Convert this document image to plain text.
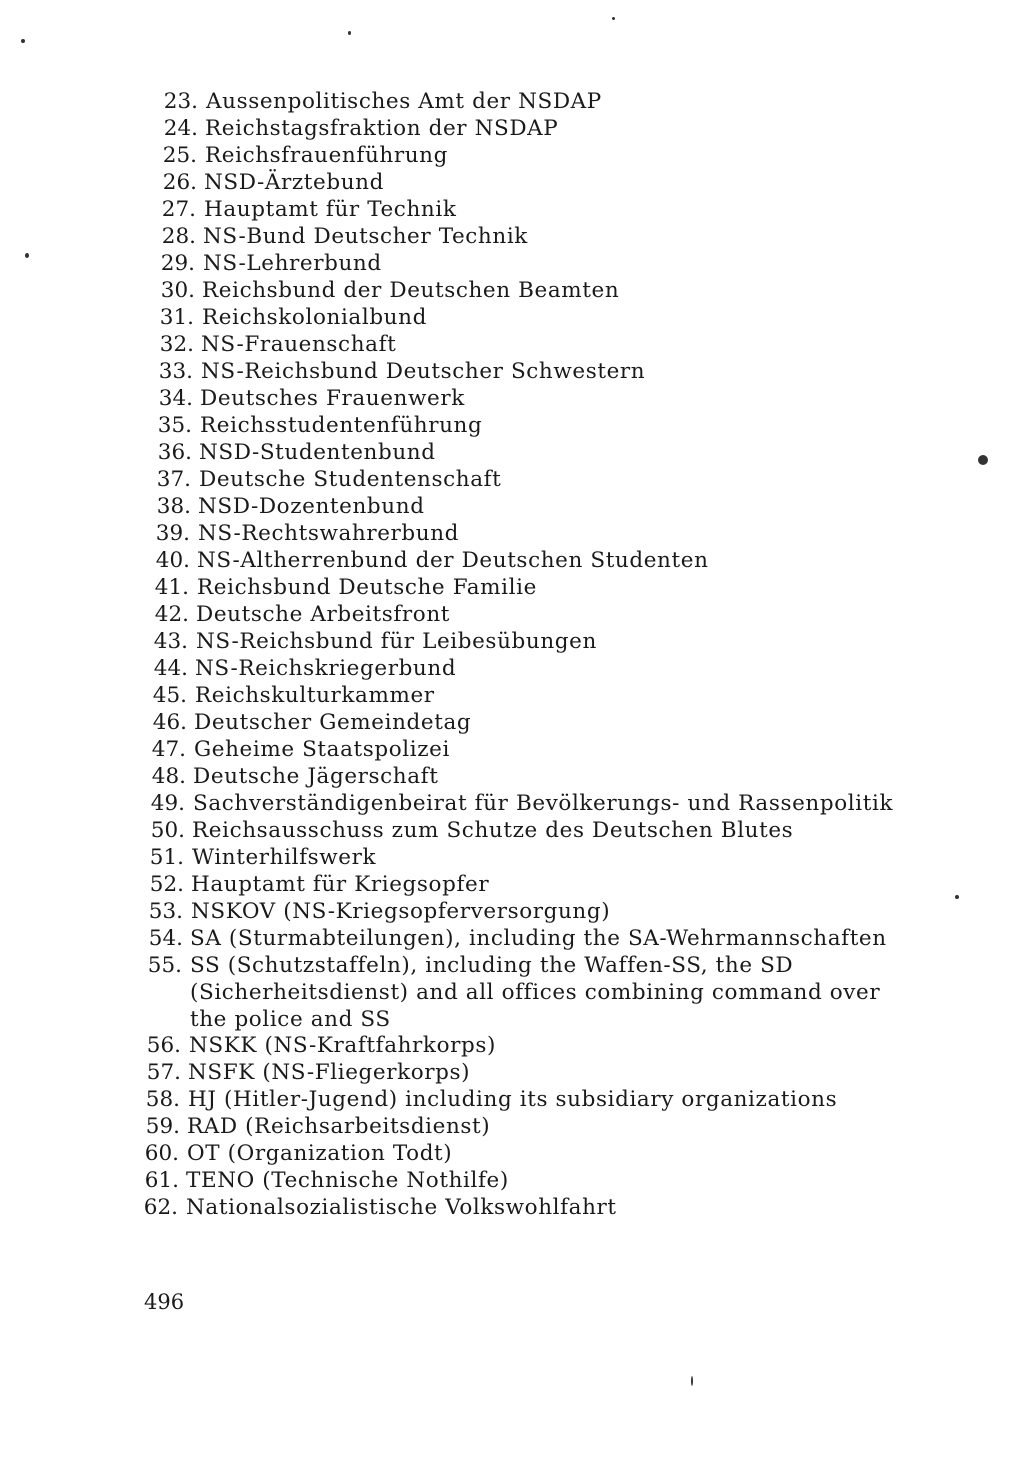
23. Aussenpolitisches Amt der NSDAP
24. Reichstagsfraktion der NSDAP
25. Reichsfrauenführung
26. NSD-Ärztebund
27. Hauptamt für Technik
28. NS-Bund Deutscher Technik
29. NS-Lehrerbund
30. Reichsbund der Deutschen Beamten
31. Reichskolonialbund
32. NS-Frauenschaft
33. NS-Reichsbund Deutscher Schwestern
34. Deutsches Frauenwerk
35. Reichsstudentenführung
36. NSD-Studentenbund
37. Deutsche Studentenschaft
38. NSD-Dozentenbund
39. NS-Rechtswahrerbund
40. NS-Altherrenbund der Deutschen Studenten
41. Reichsbund Deutsche Familie
42. Deutsche Arbeitsfront
43. NS-Reichsbund für Leibesübungen
44. NS-Reichskriegerbund
45. Reichskulturkammer
46. Deutscher Gemeindetag
47. Geheime Staatspolizei
48. Deutsche Jägerschaft
49. Sachverständigenbeirat für Bevölkerungs- und Rassenpolitik
50. Reichsausschuss zum Schutze des Deutschen Blutes
51. Winterhilfswerk
52. Hauptamt für Kriegsopfer
53. NSKOV (NS-Kriegsopferversorgung)
54. SA (Sturmabteilungen), including the SA-Wehrmannschaften
55. SS (Schutzstaffeln), including the Waffen-SS, the SD (Sicherheitsdienst) and all offices combining command over the police and SS
56. NSKK (NS-Kraftfahrkorps)
57. NSFK (NS-Fliegerkorps)
58. HJ (Hitler-Jugend) including its subsidiary organizations
59. RAD (Reichsarbeitsdienst)
60. OT (Organization Todt)
61. TENO (Technische Nothilfe)
62. Nationalsozialistische Volkswohlfahrt
496
